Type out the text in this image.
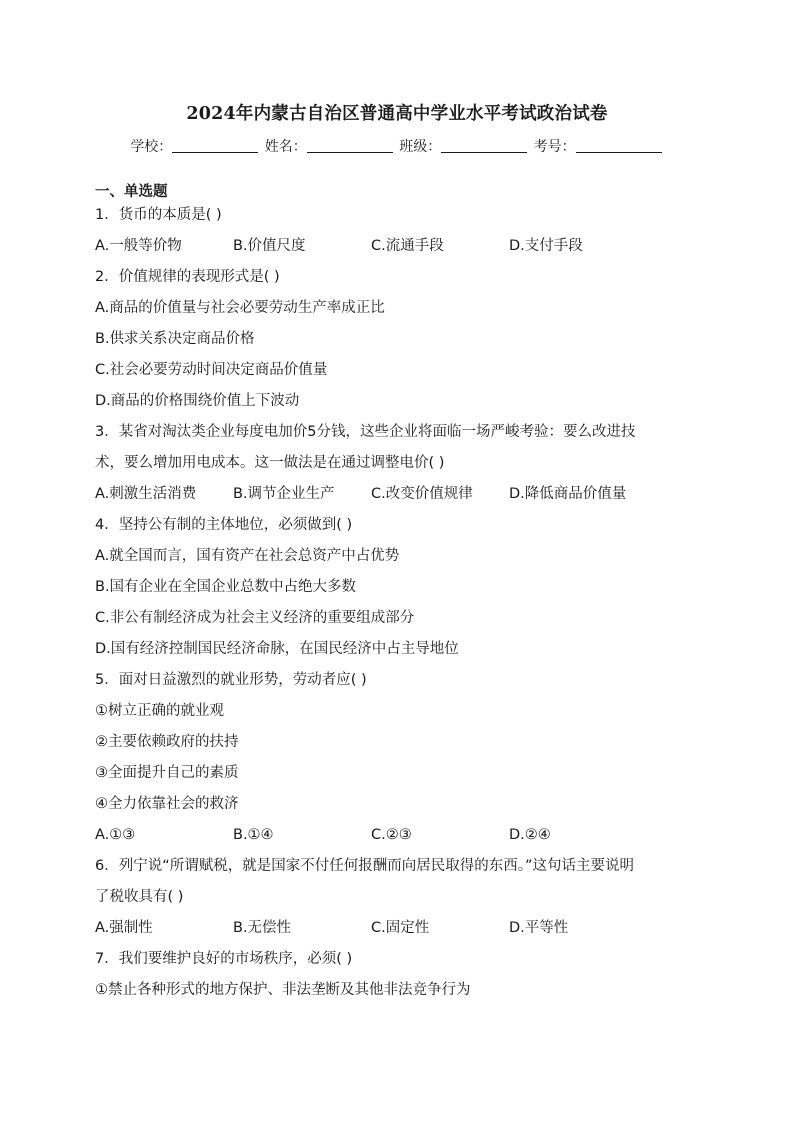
2024年内蒙古自治区普通高中学业水平考试政治试卷
学校：	姓名：	班级：	考号：
一、单选题
1．货币的本质是( )
A.一般等价物	B.价值尺度	C.流通手段	D.支付手段
2．价值规律的表现形式是( )
A.商品的价值量与社会必要劳动生产率成正比
B.供求关系决定商品价格
C.社会必要劳动时间决定商品价值量
D.商品的价格围绕价值上下波动
3．某省对淘汰类企业每度电加价5分钱，这些企业将面临一场严峻考验：要么改进技
术，要么增加用电成本。这一做法是在通过调整电价( )
A.刺激生活消费	B.调节企业生产	C.改变价值规律	D.降低商品价值量
4．坚持公有制的主体地位，必须做到( )
A.就全国而言，国有资产在社会总资产中占优势
B.国有企业在全国企业总数中占绝大多数
C.非公有制经济成为社会主义经济的重要组成部分
D.国有经济控制国民经济命脉，在国民经济中占主导地位
5．面对日益激烈的就业形势，劳动者应( )
①树立正确的就业观
②主要依赖政府的扶持
③全面提升自己的素质
④全力依靠社会的救济
A.①③	B.①④	C.②③	D.②④
6．列宁说“所谓赋税，就是国家不付任何报酬而向居民取得的东西。”这句话主要说明
了税收具有( )
A.强制性	B.无偿性	C.固定性	D.平等性
7．我们要维护良好的市场秩序，必须( )
①禁止各种形式的地方保护、非法垄断及其他非法竞争行为
